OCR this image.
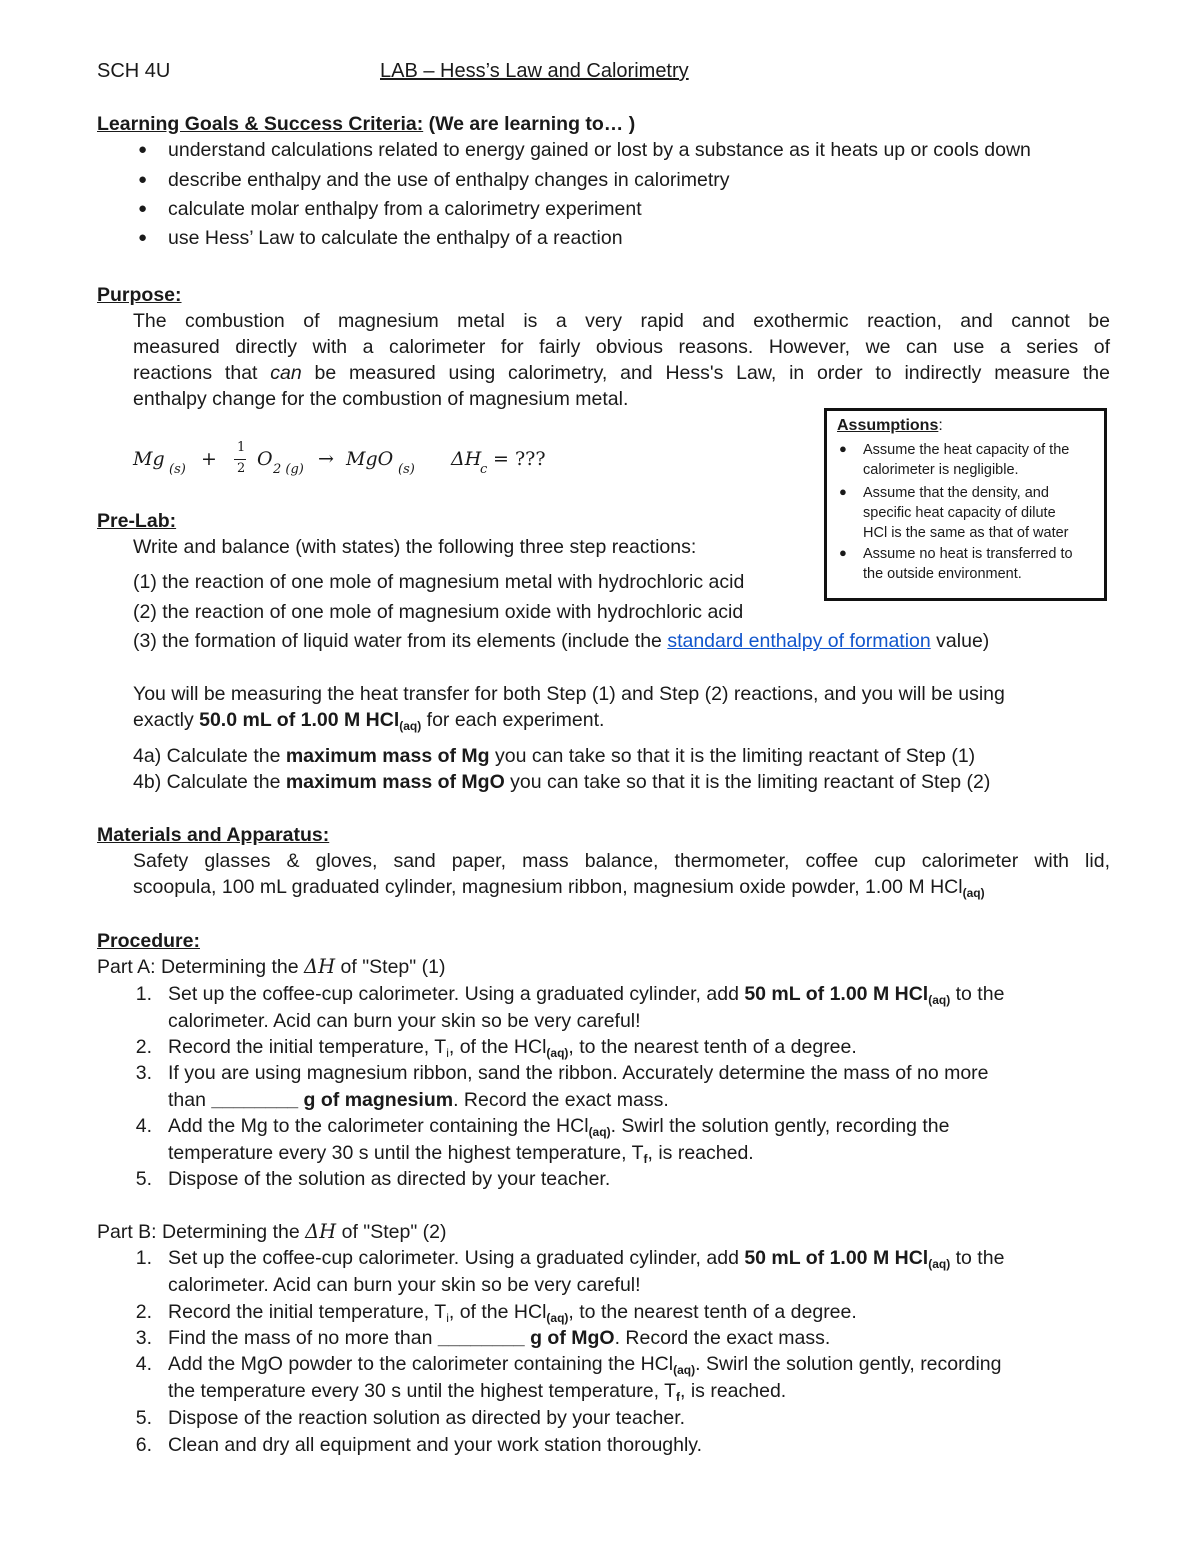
SCH 4U	LAB – Hess’s Law and Calorimetry
Learning Goals & Success Criteria: (We are learning to… )
● understand calculations related to energy gained or lost by a substance as it heats up or cools down
● describe enthalpy and the use of enthalpy changes in calorimetry
● calculate molar enthalpy from a calorimetry experiment
● use Hess’ Law to calculate the enthalpy of a reaction
Purpose:
The combustion of magnesium metal is a very rapid and exothermic reaction, and cannot be
measured directly with a calorimeter for fairly obvious reasons. However, we can use a series of
reactions that can be measured using calorimetry, and Hess's Law, in order to indirectly measure the
enthalpy change for the combustion of magnesium metal.
Mg (s) +
1
2 O 2 (g) → MgO (s) ΔH
c = ???
Assumptions:
● Assume the heat capacity of the
calorimeter is negligible.
● Assume that the density, and
specific heat capacity of dilute
HCl is the same as that of water
● Assume no heat is transferred to
the outside environment.
Pre-Lab:
Write and balance (with states) the following three step reactions:
(1) the reaction of one mole of magnesium metal with hydrochloric acid
(2) the reaction of one mole of magnesium oxide with hydrochloric acid
(3) the formation of liquid water from its elements (include the standard enthalpy of formation value)
You will be measuring the heat transfer for both Step (1) and Step (2) reactions, and you will be using
exactly 50.0 mL of 1.00 M HCl$_{(aq)}$ for each experiment.
4a) Calculate the maximum mass of Mg you can take so that it is the limiting reactant of Step (1)
4b) Calculate the maximum mass of MgO you can take so that it is the limiting reactant of Step (2)
Materials and Apparatus:
Safety glasses & gloves, sand paper, mass balance, thermometer, coffee cup calorimeter with lid,
scoopula, 100 mL graduated cylinder, magnesium ribbon, magnesium oxide powder, 1.00 M HCl$_{(aq)}$
Procedure:
Part A: Determining the ΔH of "Step" (1)
1. Set up the coffee-cup calorimeter. Using a graduated cylinder, add 50 mL of 1.00 M HCl$_{(aq)}$ to the
calorimeter. Acid can burn your skin so be very careful!
2. Record the initial temperature, $T_i$, of the HCl$_{(aq)}$, to the nearest tenth of a degree.
3. If you are using magnesium ribbon, sand the ribbon. Accurately determine the mass of no more
than ________ g of magnesium. Record the exact mass.
4. Add the Mg to the calorimeter containing the HCl$_{(aq)}$. Swirl the solution gently, recording the
temperature every 30 s until the highest temperature, $T_f$, is reached.
5. Dispose of the solution as directed by your teacher.
Part B: Determining the ΔH of "Step" (2)
1. Set up the coffee-cup calorimeter. Using a graduated cylinder, add 50 mL of 1.00 M HCl$_{(aq)}$ to the
calorimeter. Acid can burn your skin so be very careful!
2. Record the initial temperature, $T_i$, of the HCl$_{(aq)}$, to the nearest tenth of a degree.
3. Find the mass of no more than ________ g of MgO. Record the exact mass.
4. Add the MgO powder to the calorimeter containing the HCl$_{(aq)}$. Swirl the solution gently, recording
the temperature every 30 s until the highest temperature, $T_f$, is reached.
5. Dispose of the reaction solution as directed by your teacher.
6. Clean and dry all equipment and your work station thoroughly.
